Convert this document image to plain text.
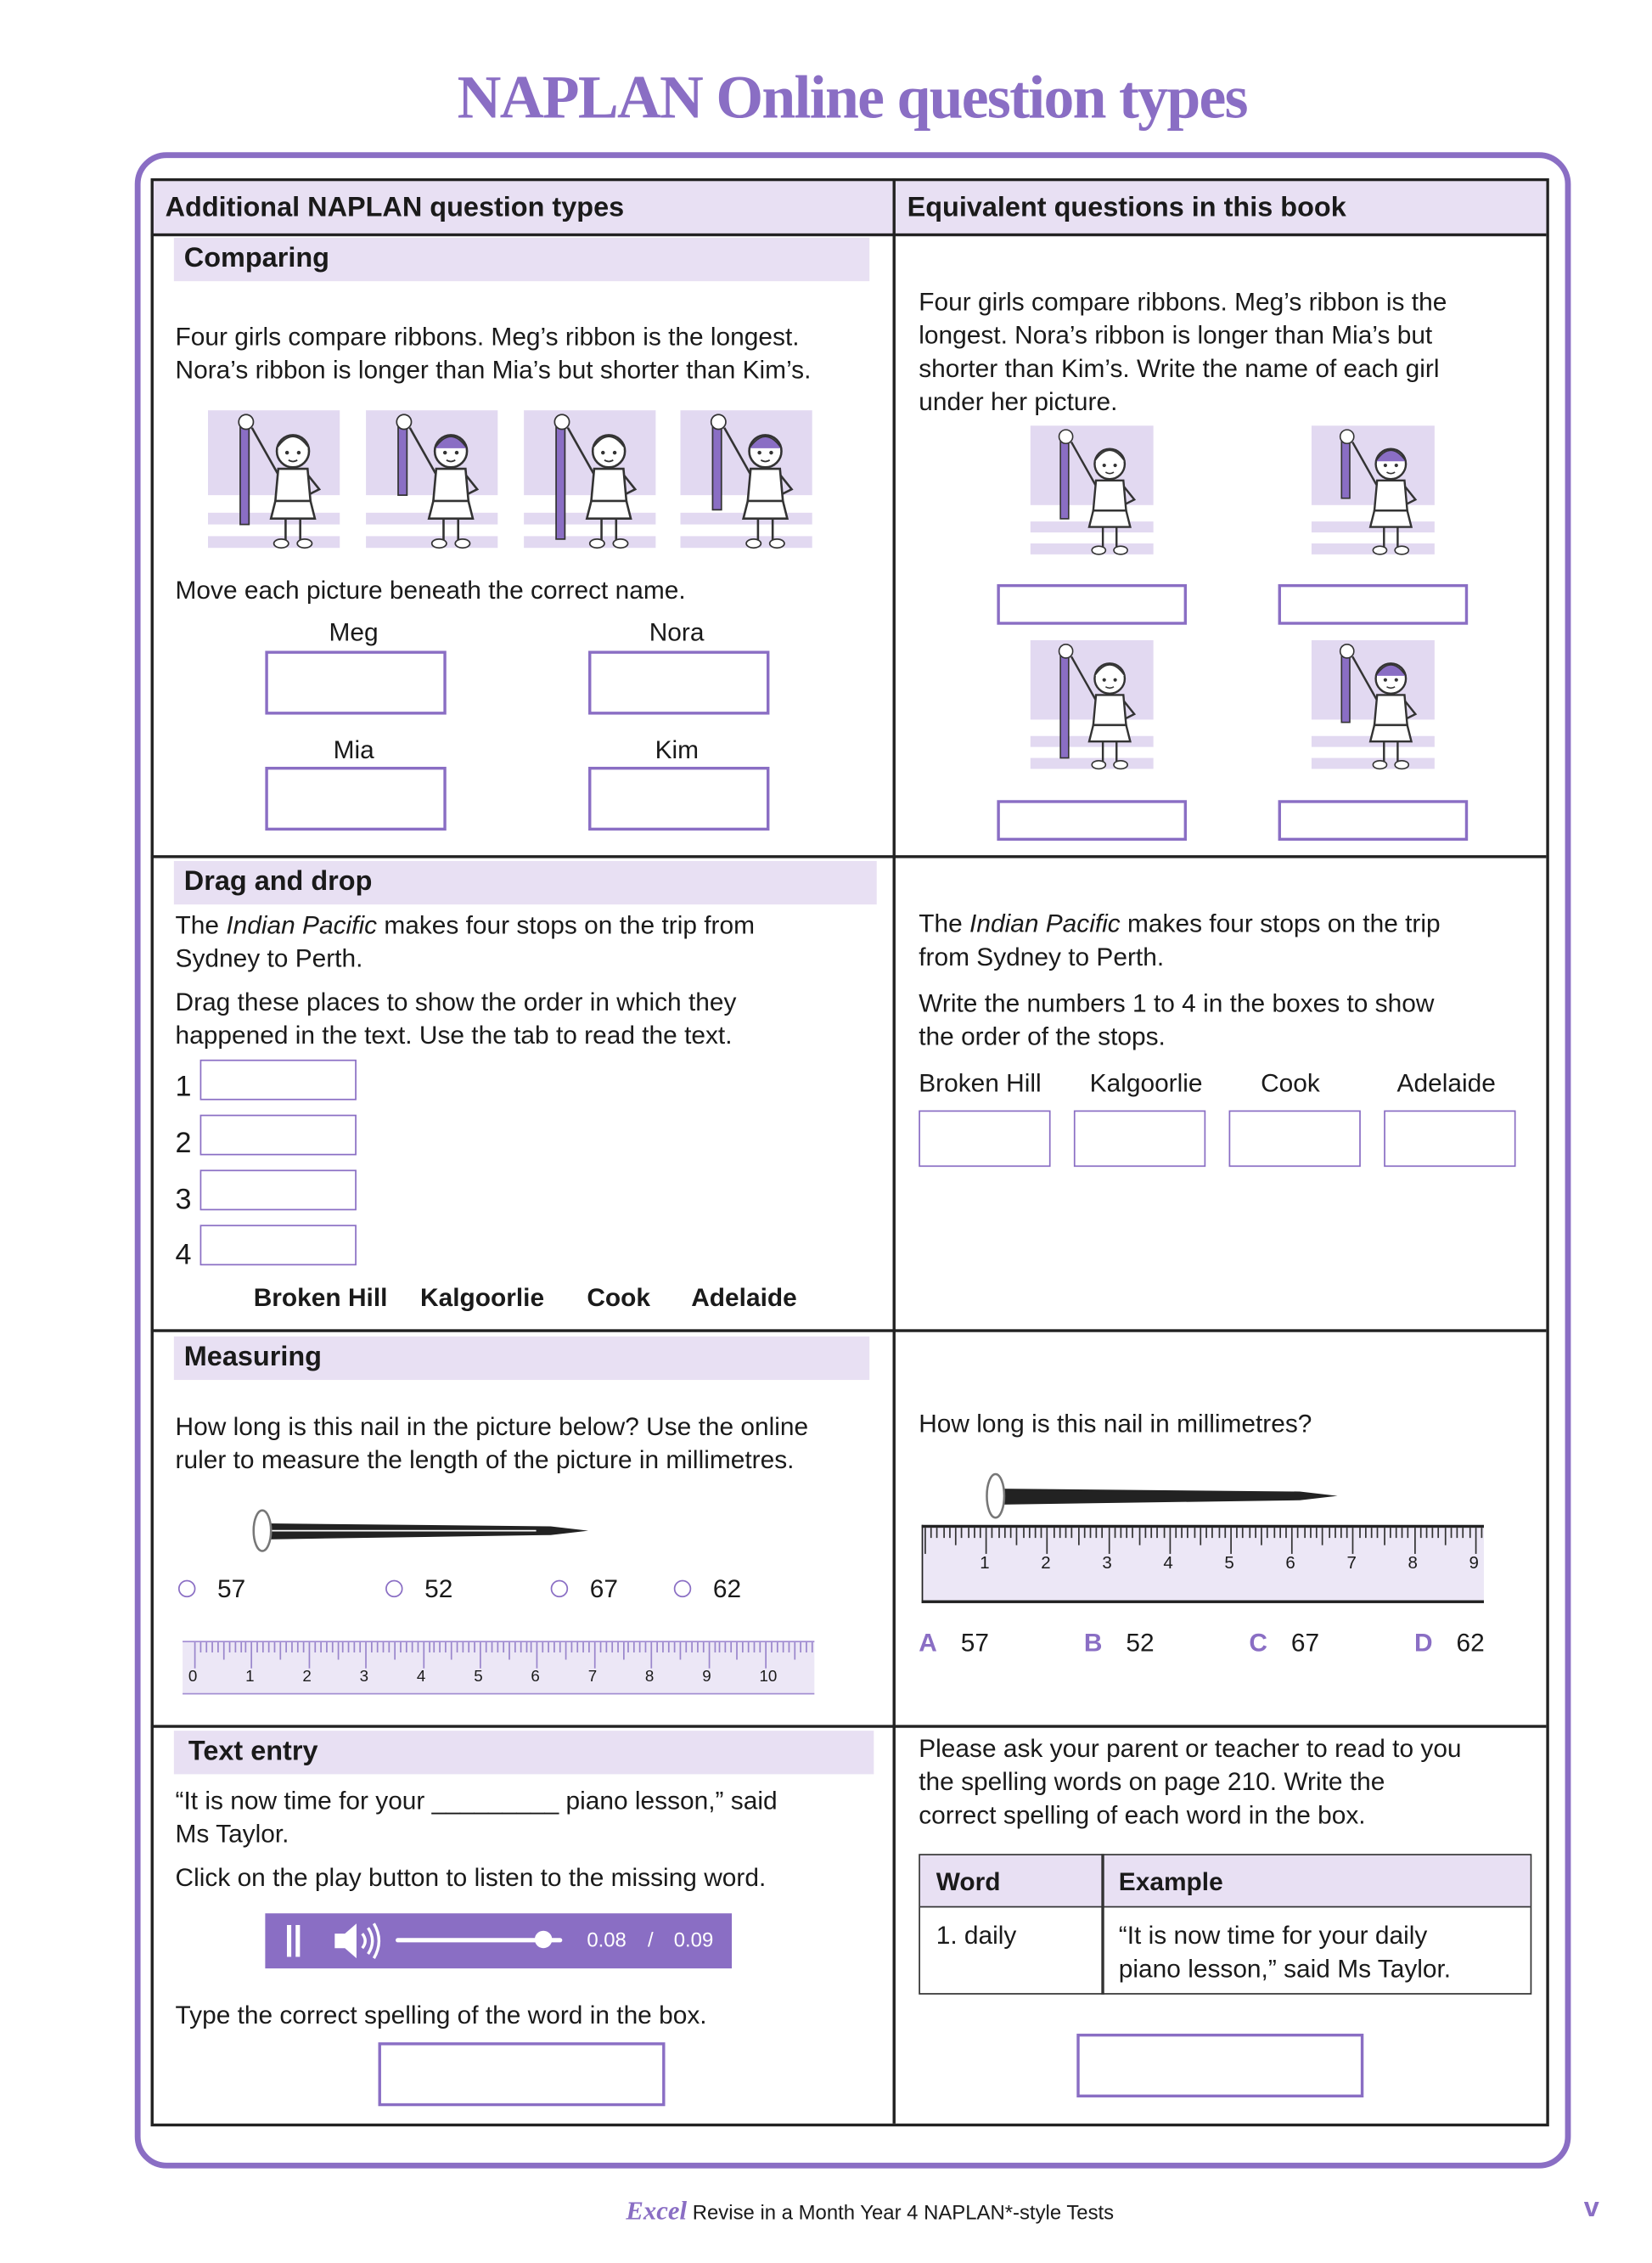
NAPLAN Online question types
Additional NAPLAN question types	Equivalent questions in this book
Comparing
Four girls compare ribbons. Meg’s ribbon is the longest.
Nora’s ribbon is longer than Mia’s but shorter than Kim’s.
Move each picture beneath the correct name.
Meg	Nora
Mia	Kim
Four girls compare ribbons. Meg’s ribbon is the
longest. Nora’s ribbon is longer than Mia’s but
shorter than Kim’s. Write the name of each girl
under her picture.
Drag and drop
The Indian Pacific makes four stops on the trip from
Sydney to Perth.
Drag these places to show the order in which they
happened in the text. Use the tab to read the text.
1
2
3
4
Broken Hill Kalgoorlie	Cook	Adelaide
The Indian Pacific makes four stops on the trip
from Sydney to Perth.
Write the numbers 1 to 4 in the boxes to show
the order of the stops.
Broken Hill	Kalgoorlie	Cook	Adelaide
Measuring
How long is this nail in the picture below? Use the online
ruler to measure the length of the picture in millimetres.
0	1	2	3	4	5	6	7	8	9	10
How long is this nail in millimetres?
1	2	3	4	5	6	7	8	9
Text entry
“It is now time for your _________ piano lesson,” said
Ms Taylor.
Click on the play button to listen to the missing word.
0.08 / 0.09
Type the correct spelling of the word in the box.
Please ask your parent or teacher to read to you
the spelling words on page 210. Write the
correct spelling of each word in the box.
Word	Example
1. daily	“It is now time for your daily
piano lesson,” said Ms Taylor.
Excel Revise in a Month Year 4 NAPLAN*-style Tests	v
57	52	67	62
A 57	B 52	C 67	D 62
